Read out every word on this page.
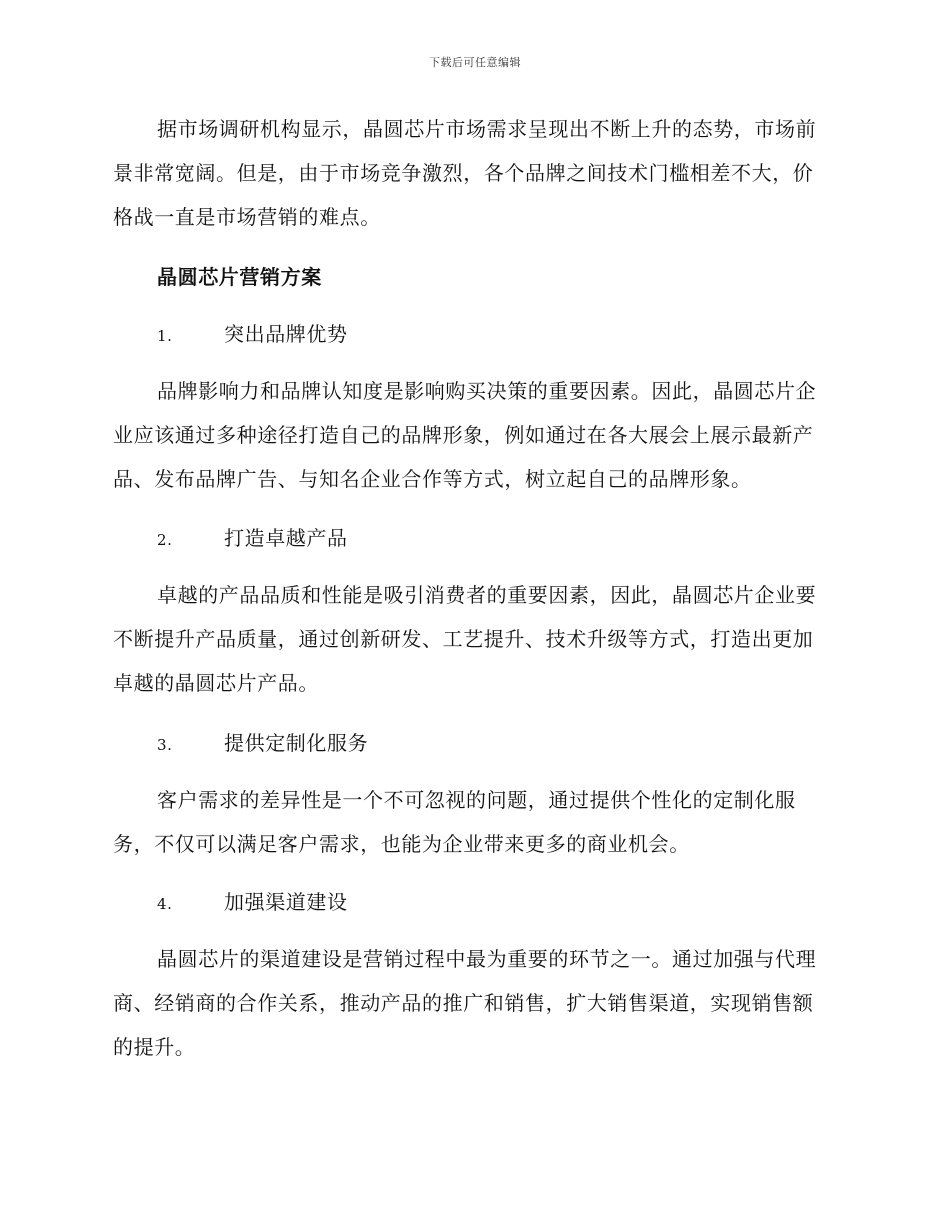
下载后可任意编辑
据市场调研机构显示，晶圆芯片市场需求呈现出不断上升的态势，市场前景非常宽阔。但是，由于市场竞争激烈，各个品牌之间技术门槛相差不大，价格战一直是市场营销的难点。
晶圆芯片营销方案
1.	突出品牌优势
品牌影响力和品牌认知度是影响购买决策的重要因素。因此，晶圆芯片企业应该通过多种途径打造自己的品牌形象，例如通过在各大展会上展示最新产品、发布品牌广告、与知名企业合作等方式，树立起自己的品牌形象。
2.	打造卓越产品
卓越的产品品质和性能是吸引消费者的重要因素，因此，晶圆芯片企业要不断提升产品质量，通过创新研发、工艺提升、技术升级等方式，打造出更加卓越的晶圆芯片产品。
3.	提供定制化服务
客户需求的差异性是一个不可忽视的问题，通过提供个性化的定制化服务，不仅可以满足客户需求，也能为企业带来更多的商业机会。
4.	加强渠道建设
晶圆芯片的渠道建设是营销过程中最为重要的环节之一。通过加强与代理商、经销商的合作关系，推动产品的推广和销售，扩大销售渠道，实现销售额的提升。
